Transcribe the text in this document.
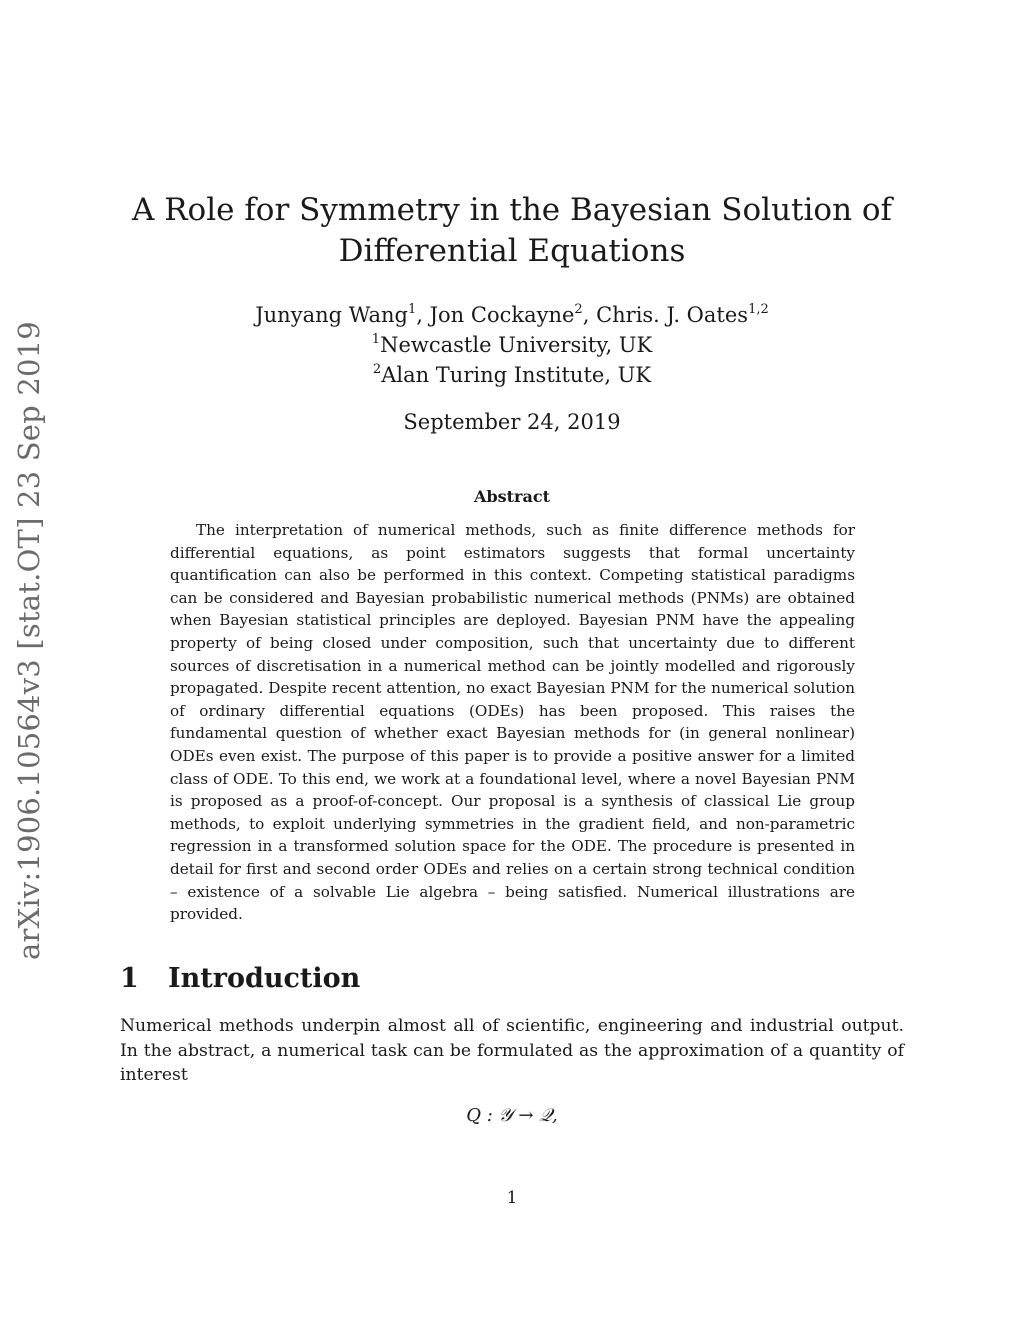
arXiv:1906.10564v3 [stat.OT] 23 Sep 2019
A Role for Symmetry in the Bayesian Solution of
Differential Equations
Junyang Wang$^1$, Jon Cockayne$^2$, Chris. J. Oates$^{1,2}$
$^1$Newcastle University, UK
$^2$Alan Turing Institute, UK
September 24, 2019
Abstract
The interpretation of numerical methods, such as finite difference methods for differential equations, as point estimators suggests that formal uncertainty quantification can also be performed in this context. Competing statistical paradigms can be considered and Bayesian probabilistic numerical methods (PNMs) are obtained when Bayesian statistical principles are deployed. Bayesian PNM have the appealing property of being closed under composition, such that uncertainty due to different sources of discretisation in a numerical method can be jointly modelled and rigorously propagated. Despite recent attention, no exact Bayesian PNM for the numerical solution of ordinary differential equations (ODEs) has been proposed. This raises the fundamental question of whether exact Bayesian methods for (in general nonlinear) ODEs even exist. The purpose of this paper is to provide a positive answer for a limited class of ODE. To this end, we work at a foundational level, where a novel Bayesian PNM is proposed as a proof-of-concept. Our proposal is a synthesis of classical Lie group methods, to exploit underlying symmetries in the gradient field, and non-parametric regression in a transformed solution space for the ODE. The procedure is presented in detail for first and second order ODEs and relies on a certain strong technical condition – existence of a solvable Lie algebra – being satisfied. Numerical illustrations are provided.
1 Introduction
Numerical methods underpin almost all of scientific, engineering and industrial output. In the abstract, a numerical task can be formulated as the approximation of a quantity of interest
Q : 𝒴 → 𝒬,
1
